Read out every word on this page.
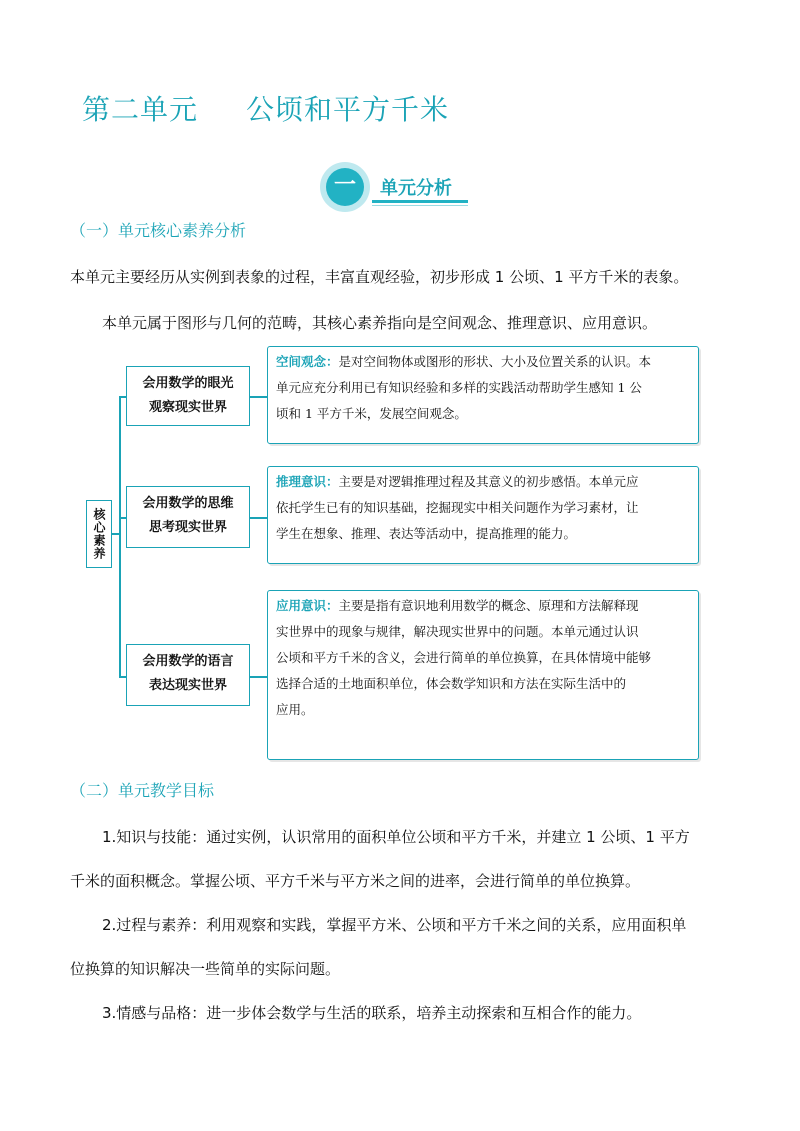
第二单元 公顷和平方千米
一	单元分析
（一）单元核心素养分析
本单元主要经历从实例到表象的过程，丰富直观经验，初步形成 1 公顷、1 平方千米的表象。
本单元属于图形与几何的范畴，其核心素养指向是空间观念、推理意识、应用意识。
核心素养
会用数学的眼光
观察现实世界
空间观念：是对空间物体或图形的形状、大小及位置关系的认识。本
单元应充分利用已有知识经验和多样的实践活动帮助学生感知 1 公
顷和 1 平方千米，发展空间观念。
会用数学的思维
思考现实世界
推理意识：主要是对逻辑推理过程及其意义的初步感悟。本单元应
依托学生已有的知识基础，挖掘现实中相关问题作为学习素材，让
学生在想象、推理、表达等活动中，提高推理的能力。
会用数学的语言
表达现实世界
应用意识：主要是指有意识地利用数学的概念、原理和方法解释现
实世界中的现象与规律，解决现实世界中的问题。本单元通过认识
公顷和平方千米的含义，会进行简单的单位换算，在具体情境中能够
选择合适的土地面积单位，体会数学知识和方法在实际生活中的
应用。
（二）单元教学目标
1.知识与技能：通过实例，认识常用的面积单位公顷和平方千米，并建立 1 公顷、1 平方
千米的面积概念。掌握公顷、平方千米与平方米之间的进率，会进行简单的单位换算。
2.过程与素养：利用观察和实践，掌握平方米、公顷和平方千米之间的关系，应用面积单
位换算的知识解决一些简单的实际问题。
3.情感与品格：进一步体会数学与生活的联系，培养主动探索和互相合作的能力。
